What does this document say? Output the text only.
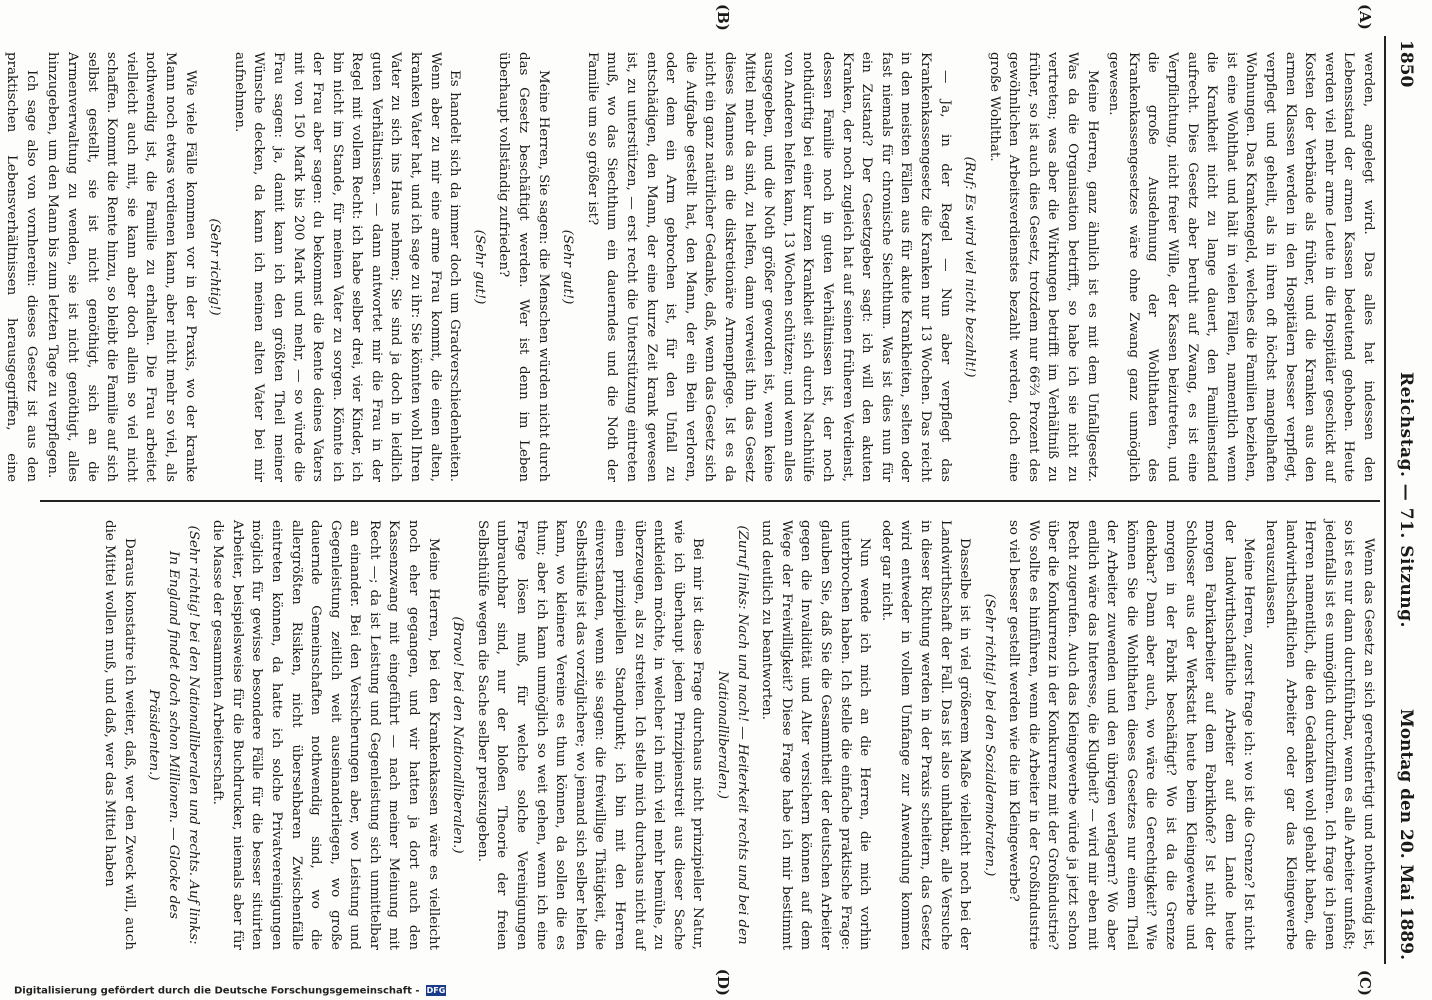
1850
Reichstag. — 71. Sitzung.
Montag den 20. Mai 1889.
(A)
(B)
(C)
(D)

werden, angelegt wird. Das alles hat indessen den Lebensstand der armen Kassen bedeutend gehoben. Heute werden viel mehr arme Leute in die Hospitäler geschickt auf Kosten der Verbände als früher, und die Kranken aus den armen Klassen werden in den Hospitälern besser verpflegt, verpflegt und geheilt, als in ihren oft höchst mangelhaften Wohnungen. Das Krankengeld, welches die Familien beziehen, ist eine Wohlthat und hält in vielen Fällen, namentlich wenn die Krankheit nicht zu lange dauert, den Familienstand aufrecht. Dies Gesetz aber beruht auf Zwang, es ist eine Verpflichtung, nicht freier Wille, der Kassen beizutreten, und die große Ausdehnung der Wohlthaten des Krankenkassengesetzes wäre ohne Zwang ganz unmöglich gewesen.

Meine Herren, ganz ähnlich ist es mit dem Unfallgesetz. Was da die Organisation betrifft, so habe ich sie nicht zu vertreten; was aber die Wirkungen betrifft im Verhältniß zu früher, so ist auch dies Gesetz, trotzdem nur 66⅔ Prozent des gewöhnlichen Arbeitsverdienstes bezahlt werden, doch eine große Wohlthat.

(Ruf: Es wird viel nicht bezahlt!)

— Ja, in der Regel — Nun aber verpflegt das Krankenkassengesetz die Kranken nur 13 Wochen. Das reicht in den meisten Fällen aus für akute Krankheiten, selten oder fast niemals für chronische Siechthum. Was ist dies nun für ein Zustand? Der Gesetzgeber sagt: ich will den akuten Kranken, der noch zugleich hat auf seinen früheren Verdienst, dessen Familie noch in guten Verhältnissen ist, der noch nothdürftig bei einer kurzen Krankheit sich durch Nachhülfe von Anderen helfen kann, 13 Wochen schützen; und wenn alles ausgegeben, und die Noth größer geworden ist, wenn keine Mittel mehr da sind, zu helfen, dann verweist ihn das Gesetz dieses Mannes an die diskretionäre Armenpflege. Ist es da nicht ein ganz natürlicher Gedanke, daß, wenn das Gesetz sich die Aufgabe gestellt hat, den Mann, der ein Bein verloren, oder dem ein Arm gebrochen ist, für den Unfall zu entschädigen, den Mann, der eine kurze Zeit krank gewesen ist, zu unterstützen, — erst recht die Unterstützung eintreten muß, wo das Siechthum ein dauerndes und die Noth der Familie um so größer ist?

(Sehr gut!)

Meine Herren, Sie sagen: die Menschen würden nicht durch das Gesetz beschäftigt werden. Wer ist denn im Leben überhaupt vollständig zufrieden?

(Sehr gut!)

Es handelt sich da immer doch um Gradverschiedenheiten. Wenn aber zu mir eine arme Frau kommt, die einen alten, kranken Vater hat, und ich sage zu ihr: Sie könnten wohl Ihren Vater zu sich ins Haus nehmen; Sie sind ja doch in leidlich guten Verhältnissen. — dann antwortet mir die Frau in der Regel mit vollem Recht: ich habe selber drei, vier Kinder, ich bin nicht im Stande, für meinen Vater zu sorgen. Könnte ich der Frau aber sagen: du bekommst die Rente deines Vaters mit von 150 Mark bis 200 Mark und mehr, — so würde die Frau sagen: ja, damit kann ich den größten Theil meiner Wünsche decken, da kann ich meinen alten Vater bei mir aufnehmen.

(Sehr richtig!)

Wie viele Fälle kommen vor in der Praxis, wo der kranke Mann noch etwas verdienen kann, aber nicht mehr so viel, als nothwendig ist, die Familie zu erhalten. Die Frau arbeitet vielleicht auch mit, sie kann aber doch allein so viel nicht schaffen. Kommt die Rente hinzu, so bleibt die Familie auf sich selbst gestellt, sie ist nicht genöthigt, sich an die Armenverwaltung zu wenden, sie ist nicht genöthigt, alles hinzugeben, um den Mann bis zum letzten Tage zu verpflegen.

Ich sage also von vornherein: dieses Gesetz ist aus den praktischen Lebensverhältnissen herausgegriffen, eine

Wenn das Gesetz an sich gerechtfertigt und nothwendig ist, so ist es nur dann durchführbar, wenn es alle Arbeiter umfaßt; jedenfalls ist es unmöglich durchzuführen. Ich frage ich jenen Herren namentlich, die den Gedanken wohl gehabt haben, die landwirthschaftlichen Arbeiter oder gar das Kleingewerbe herauszulassen.

Meine Herren, zuerst frage ich: wo ist die Grenze? Ist nicht der landwirthschaftliche Arbeiter auf dem Lande heute morgen Fabrikarbeiter auf dem Fabrikhofe? Ist nicht der Schlosser aus der Werkstatt heute beim Kleingewerbe und morgen in der Fabrik beschäftigt? Wo ist da die Grenze denkbar? Dann aber auch, wo wäre die Gerechtigkeit? Wie können Sie die Wohlthaten dieses Gesetzes nur einem Theil der Arbeiter zuwenden und den übrigen verlagern? Wo aber endlich wäre das Interesse, die Klugheit? — wird mir eben mit Recht zugerufen. Auch das Kleingewerbe würde ja jetzt schon über die Konkurrenz in der Konkurrenz mit der Großindustrie? Wo sollte es hinführen, wenn die Arbeiter in der Großindustrie so viel besser gestellt werden wie die im Kleingewerbe?

(Sehr richtig! bei den Sozialdemokraten.)

Dasselbe ist in viel größerem Maße vielleicht noch bei der Landwirthschaft der Fall. Das ist also unhaltbar, alle Versuche in dieser Richtung werden in der Praxis scheitern, das Gesetz wird entweder in vollem Umfange zur Anwendung kommen oder gar nicht.

Nun wende ich mich an die Herren, die mich vorhin unterbrochen haben. Ich stelle die einfache praktische Frage: glauben Sie, daß Sie die Gesammtheit der deutschen Arbeiter gegen die Invalidität und Alter versichern können auf dem Wege der Freiwilligkeit? Diese Frage habe ich mir bestimmt und deutlich zu beantworten.

(Zuruf links: Nach und nach! — Heiterkeit rechts und bei den Nationalliberalen.)

Bei mir ist diese Frage durchaus nicht prinzipieller Natur, wie ich überhaupt jedem Prinzipienstreit aus dieser Sache entkleiden möchte, in welcher ich mich viel mehr bemühe, zu überzeugen, als zu streiten. Ich stelle mich durchaus nicht auf einen prinzipiellen Standpunkt; ich bin mit den Herren einverstanden, wenn sie sagen: die freiwillige Thätigkeit, die Selbsthülfe ist das vorzüglichere; wo jemand sich selber helfen kann, wo kleinere Vereine es thun können, da sollen die es thun; aber ich kann unmöglich so weit gehen, wenn ich eine Frage lösen muß, für welche solche Vereinigungen unbrauchbar sind, nur der bloßen Theorie der freien Selbsthülfe wegen die Sache selber preiszugeben.

(Bravo! bei den Nationalliberalen.)

Meine Herren, bei den Krankenkassen wäre es vielleicht noch eher gegangen, und wir hatten ja dort auch den Kassenzwang mit eingeführt — nach meiner Meinung mit Recht —; da ist Leistung und Gegenleistung sich unmittelbar an einander. Bei den Versicherungen aber, wo Leistung und Gegenleistung zeitlich weit auseinanderliegen, wo große dauernde Gemeinschaften nothwendig sind, wo die allergrößten Risiken, nicht übersehbaren Zwischenfälle eintreten können, da hatte ich solche Privatvereinigungen möglich für gewisse besondere Fälle für die besser situirten Arbeiter, beispielsweise für die Buchdrucker, niemals aber für die Masse der gesammten Arbeiterschaft.

(Sehr richtig! bei den Nationalliberalen und rechts. Auf links: In England findet doch schon Millionen. — Glocke des Präsidenten.)

Daraus konstatire ich weiter, daß, wer den Zweck will, auch die Mittel wollen muß, und daß, wer das Mittel haben

Digitalisierung gefördert durch die Deutsche Forschungsgemeinschaft - DFG
